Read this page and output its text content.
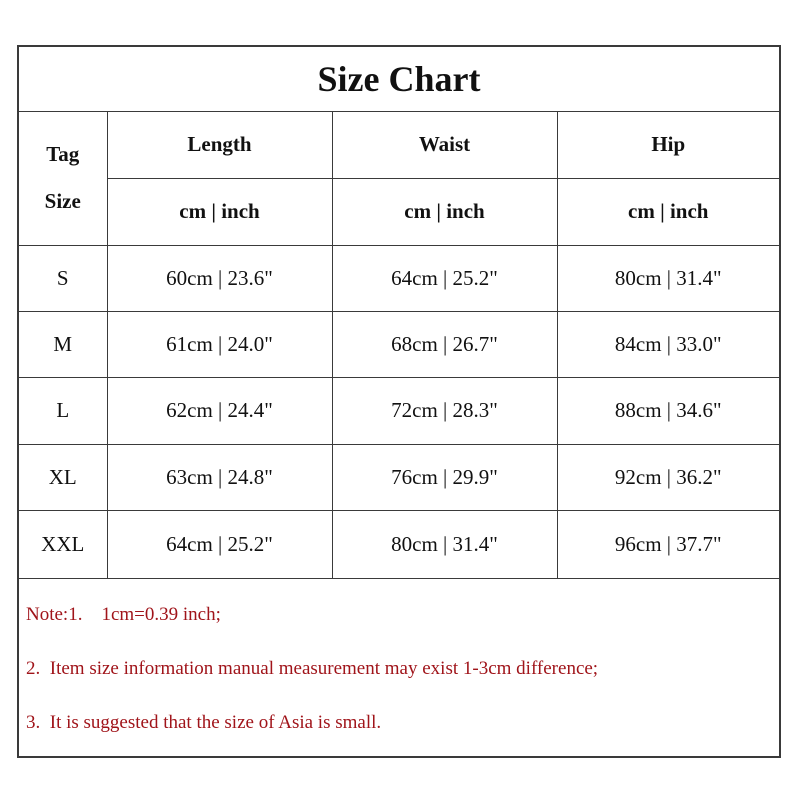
Size Chart
Tag
Size	Length	Waist	Hip
	cm | inch	cm | inch	cm | inch
S	60cm | 23.6"	64cm | 25.2"	80cm | 31.4"
M	61cm | 24.0"	68cm | 26.7"	84cm | 33.0"
L	62cm | 24.4"	72cm | 28.3"	88cm | 34.6"
XL	63cm | 24.8"	76cm | 29.9"	92cm | 36.2"
XXL	64cm | 25.2"	80cm | 31.4"	96cm | 37.7"
Note:1.    1cm=0.39 inch;
2.  Item size information manual measurement may exist 1-3cm difference;
3.  It is suggested that the size of Asia is small.
